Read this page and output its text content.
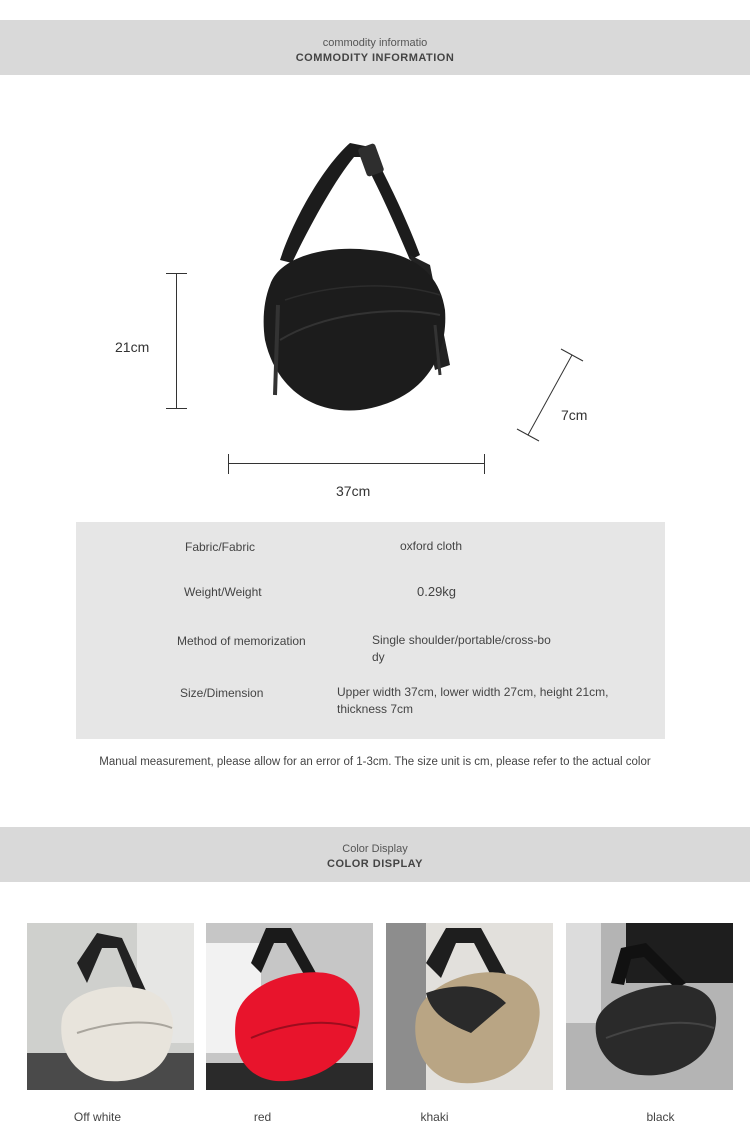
commodity informatio
COMMODITY INFORMATION
21cm
37cm
7cm
Fabric/Fabric	oxford cloth
Weight/Weight	0.29kg
Method of memorization	Single shoulder/portable/cross-bo dy
Size/Dimension	Upper width 37cm, lower width 27cm, height 21cm, thickness 7cm
Manual measurement, please allow for an error of 1-3cm. The size unit is cm, please refer to the actual color
Color Display
COLOR DISPLAY
Off white	red	khaki	black
